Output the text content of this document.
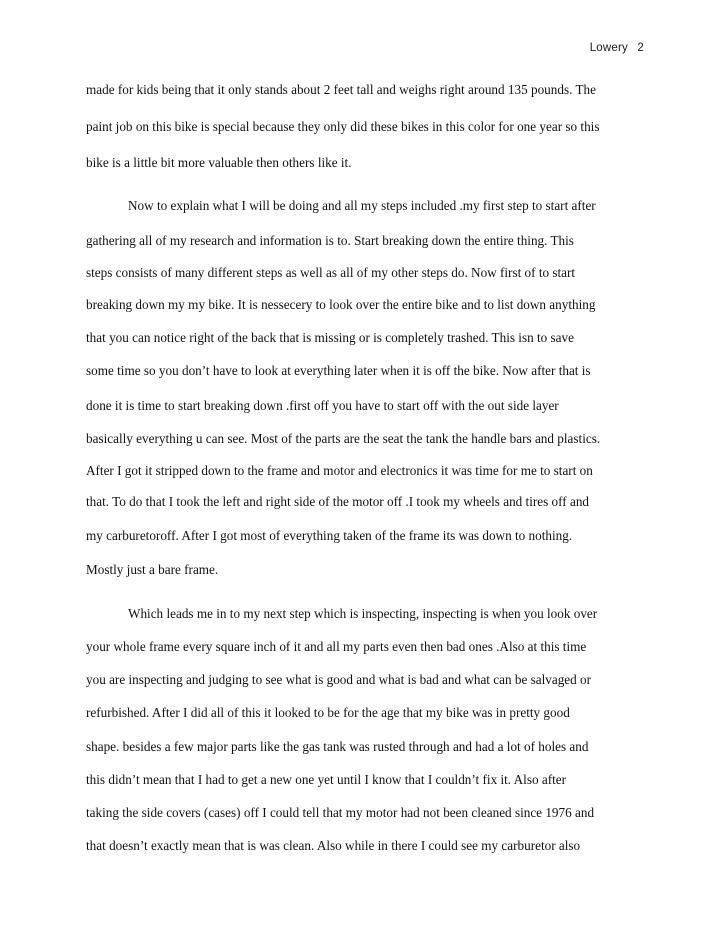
Lowery 2
made for kids being that it only stands about 2 feet tall and weighs right around 135 pounds. The
paint job on this bike is special because they only did these bikes in this color for one year so this
bike is a little bit more valuable then others like it.
Now to explain what I will be doing and all my steps included .my first step to start after
gathering all of my research and information is to. Start breaking down the entire thing. This
steps consists of many different steps as well as all of my other steps do. Now first of to start
breaking down my my bike. It is nessecery to look over the entire bike and to list down anything
that you can notice right of the back that is missing or is completely trashed. This isn to save
some time so you don’t have to look at everything later when it is off the bike. Now after that is
done it is time to start breaking down .first off you have to start off with the out side layer
basically everything u can see. Most of the parts are the seat the tank the handle bars and plastics.
After I got it stripped down to the frame and motor and electronics it was time for me to start on
that. To do that I took the left and right side of the motor off .I took my wheels and tires off and
my carburetoroff. After I got most of everything taken of the frame its was down to nothing.
Mostly just a bare frame.
Which leads me in to my next step which is inspecting, inspecting is when you look over
your whole frame every square inch of it and all my parts even then bad ones .Also at this time
you are inspecting and judging to see what is good and what is bad and what can be salvaged or
refurbished. After I did all of this it looked to be for the age that my bike was in pretty good
shape. besides a few major parts like the gas tank was rusted through and had a lot of holes and
this didn’t mean that I had to get a new one yet until I know that I couldn’t fix it. Also after
taking the side covers (cases) off I could tell that my motor had not been cleaned since 1976 and
that doesn’t exactly mean that is was clean. Also while in there I could see my carburetor also
